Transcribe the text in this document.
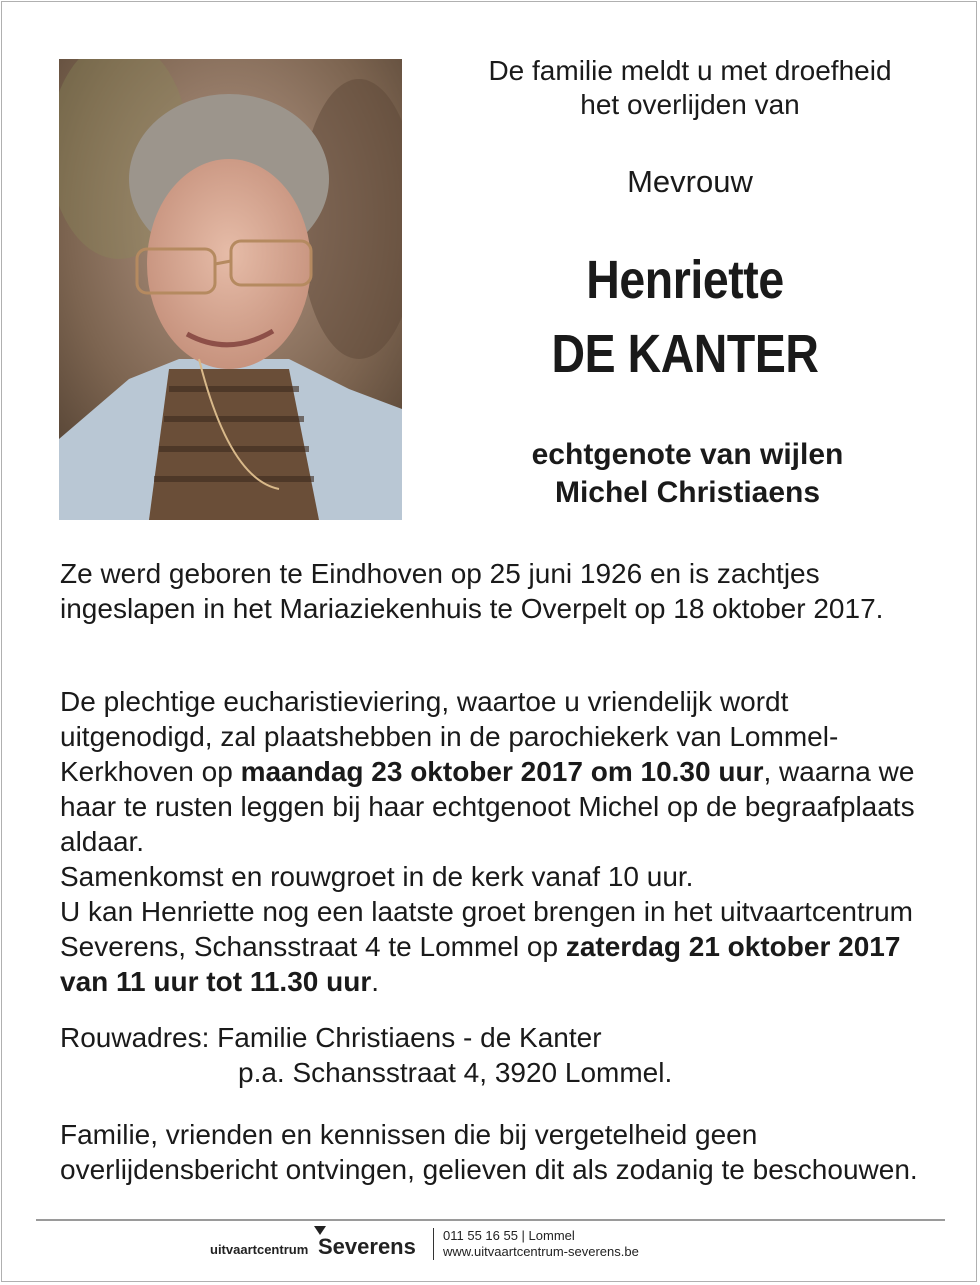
De familie meldt u met droefheid
het overlijden van
Mevrouw
Henriette
DE KANTER
echtgenote van wijlen
Michel Christiaens
Ze werd geboren te Eindhoven op 25 juni 1926 en is zachtjes ingeslapen in het Mariaziekenhuis te Overpelt op 18 oktober 2017.
De plechtige eucharistieviering, waartoe u vriendelijk wordt uitgenodigd, zal plaatshebben in de parochiekerk van Lommel-Kerkhoven op maandag 23 oktober 2017 om 10.30 uur, waarna we haar te rusten leggen bij haar echtgenoot Michel op de begraafplaats aldaar.
Samenkomst en rouwgroet in de kerk vanaf 10 uur.
U kan Henriette nog een laatste groet brengen in het uitvaartcentrum Severens, Schansstraat 4 te Lommel op zaterdag 21 oktober 2017 van 11 uur tot 11.30 uur.
Rouwadres: Familie Christiaens - de Kanter
p.a. Schansstraat 4, 3920 Lommel.
Familie, vrienden en kennissen die bij vergetelheid geen overlijdensbericht ontvingen, gelieven dit als zodanig te beschouwen.
uitvaartcentrum Severens 011 55 16 55 | Lommel
www.uitvaartcentrum-severens.be
